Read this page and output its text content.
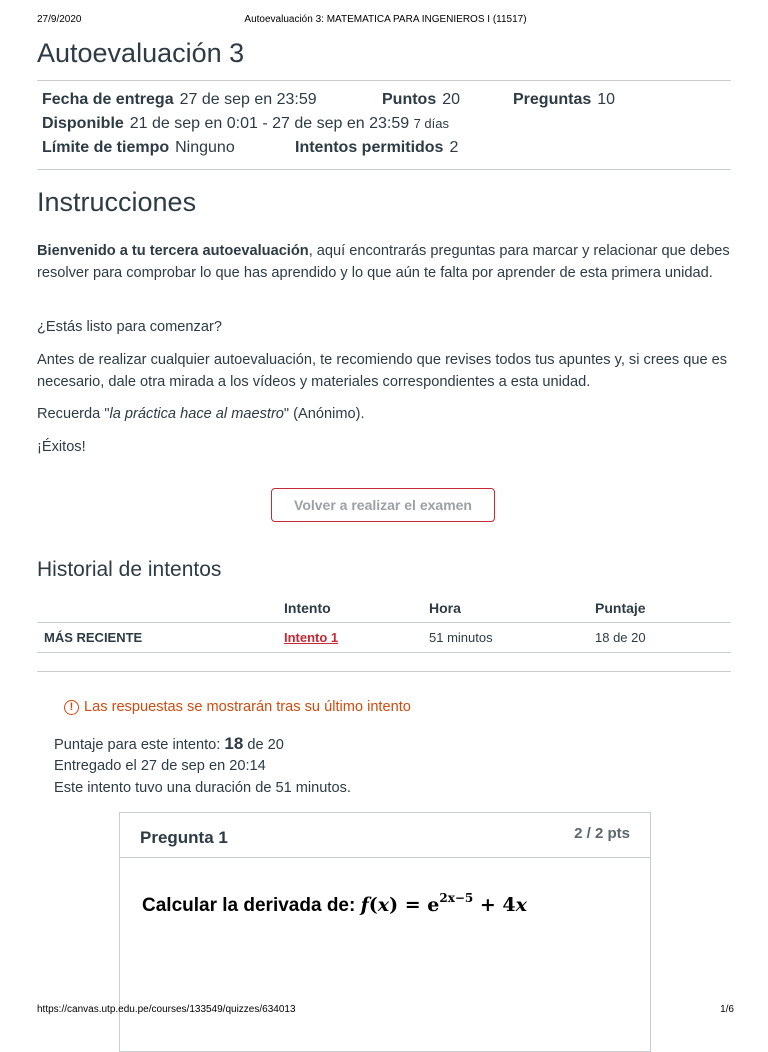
27/9/2020	Autoevaluación 3: MATEMATICA PARA INGENIEROS I (11517)
Autoevaluación 3
Fecha de entrega 27 de sep en 23:59	Puntos 20	Preguntas 10
Disponible 21 de sep en 0:01 - 27 de sep en 23:59 7 días
Límite de tiempo Ninguno	Intentos permitidos 2
Instrucciones

Bienvenido a tu tercera autoevaluación, aquí encontrarás preguntas para marcar y relacionar que debes resolver para comprobar lo que has aprendido y lo que aún te falta por aprender de esta primera unidad.

¿Estás listo para comenzar?

Antes de realizar cualquier autoevaluación, te recomiendo que revises todos tus apuntes y, si crees que es necesario, dale otra mirada a los vídeos y materiales correspondientes a esta unidad.

Recuerda "la práctica hace al maestro" (Anónimo).

¡Éxitos!

Volver a realizar el examen
Historial de intentos
	Intento	Hora	Puntaje
MÁS RECIENTE	Intento 1	51 minutos	18 de 20
! Las respuestas se mostrarán tras su último intento
Puntaje para este intento: 18 de 20
Entregado el 27 de sep en 20:14
Este intento tuvo una duración de 51 minutos.
Pregunta 1	2 / 2 pts
Calcular la derivada de: $f(x) = e^{2x-5} + 4x$
https://canvas.utp.edu.pe/courses/133549/quizzes/634013	1/6
